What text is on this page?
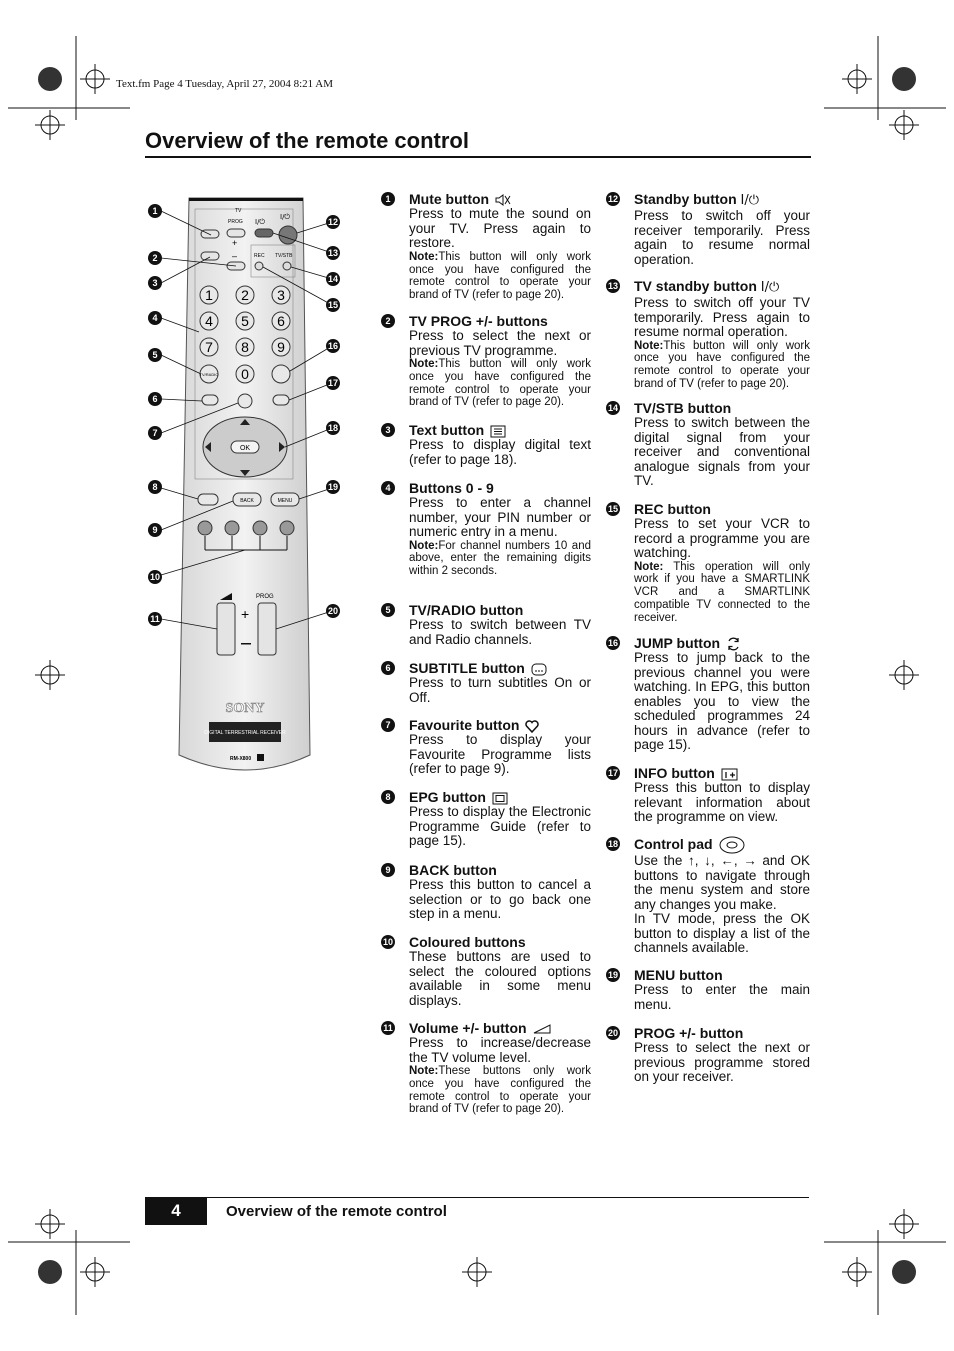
Text.fm Page 4 Tuesday, April 27, 2004 8:21 AM
Overview of the remote control
TV
PROG I/⏻
I/⏻
+
–	REC TV/STB
1 2 3
4 5 6
7 8 9
0
TV/RADIO
OK
BACK	MENU
PROG
+
SONY
DIGITAL TERRESTRIAL RECEIVER
RM-X800
1
2
3
4
5
6
7
8
9
10
11
12
13
14
15
16
17
18
19
20
1	Mute button
Press to mute the sound on your TV. Press again to restore.
Note:This button will only work once you have configured the remote control to operate your brand of TV (refer to page 20).
2	TV PROG +/- buttons
Press to select the next or previous TV programme.
Note:This button will only work once you have configured the remote control to operate your brand of TV (refer to page 20).
3	Text button
Press to display digital text (refer to page 18).
4	Buttons 0 - 9
Press to enter a channel number, your PIN number or numeric entry in a menu.
Note:For channel numbers 10 and above, enter the remaining digits within 2 seconds.
5	TV/RADIO button
Press to switch between TV and Radio channels.
6	SUBTITLE button
Press to turn subtitles On or Off.
7	Favourite button
Press to display your Favourite Programme lists (refer to page 9).
8	EPG button
Press to display the Electronic Programme Guide (refer to page 15).
9	BACK button
Press this button to cancel a selection or to go back one step in a menu.
10 Coloured buttons
These buttons are used to select the coloured options available in some menu displays.
11 Volume +/- button
Press to increase/decrease the TV volume level.
Note:These buttons only work once you have configured the remote control to operate your brand of TV (refer to page 20).
12 Standby button I/⏻
Press to switch off your receiver temporarily. Press again to resume normal operation.
13 TV standby button I/⏻
Press to switch off your TV temporarily. Press again to resume normal operation.
Note:This button will only work once you have configured the remote control to operate your brand of TV (refer to page 20).
14 TV/STB button
Press to switch between the digital signal from your receiver and conventional analogue signals from your TV.
15 REC button
Press to set your VCR to record a programme you are watching.
Note: This operation will only work if you have a SMARTLINK VCR and a SMARTLINK compatible TV connected to the receiver.
16 JUMP button
Press to jump back to the previous channel you were watching. In EPG, this button enables you to view the scheduled programmes 24 hours in advance (refer to page 15).
17 INFO button
Press this button to display relevant information about the programme on view.
18 Control pad
Use the ↑, ↓, ←, → and OK buttons to navigate through the menu system and store any changes you make.
In TV mode, press the OK button to display a list of the channels available.
19 MENU button
Press to enter the main menu.
20 PROG +/- button
Press to select the next or previous programme stored on your receiver.
4	Overview of the remote control
